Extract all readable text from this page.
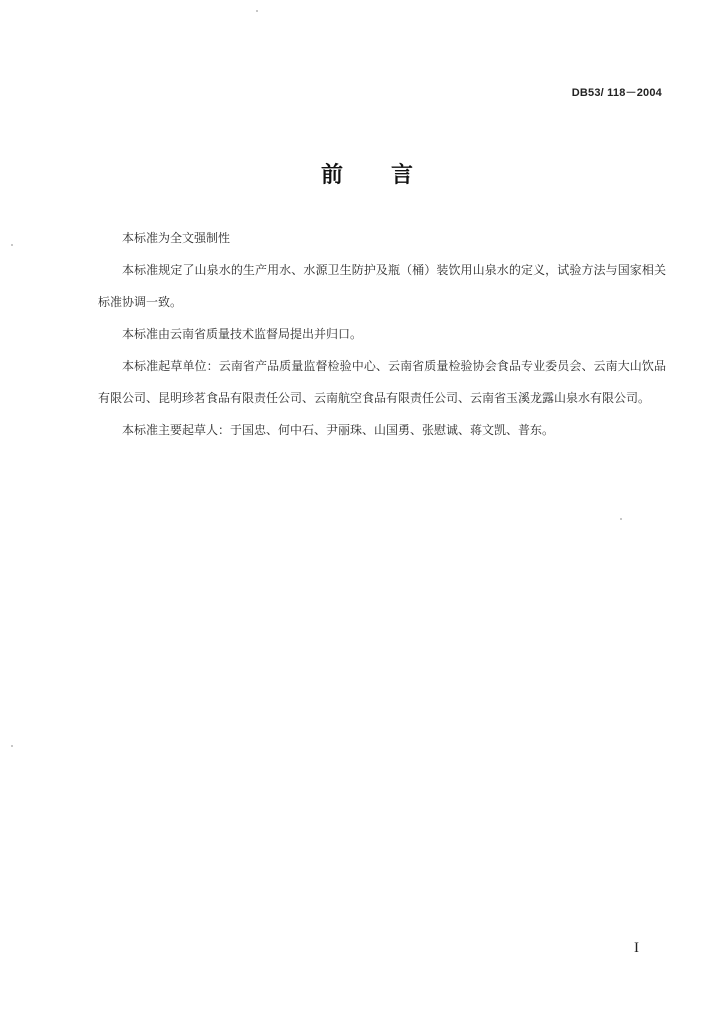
DB53/ 118－2004
前 言

本标准为全文强制性

本标准规定了山泉水的生产用水、水源卫生防护及瓶（桶）装饮用山泉水的定义，试验方法与国家相关标准协调一致。

本标准由云南省质量技术监督局提出并归口。

本标准起草单位：云南省产品质量监督检验中心、云南省质量检验协会食品专业委员会、云南大山饮品有限公司、昆明珍茗食品有限责任公司、云南航空食品有限责任公司、云南省玉溪龙露山泉水有限公司。

本标准主要起草人：于国忠、何中石、尹丽珠、山国勇、张慰诚、蒋文凯、普东。

I
